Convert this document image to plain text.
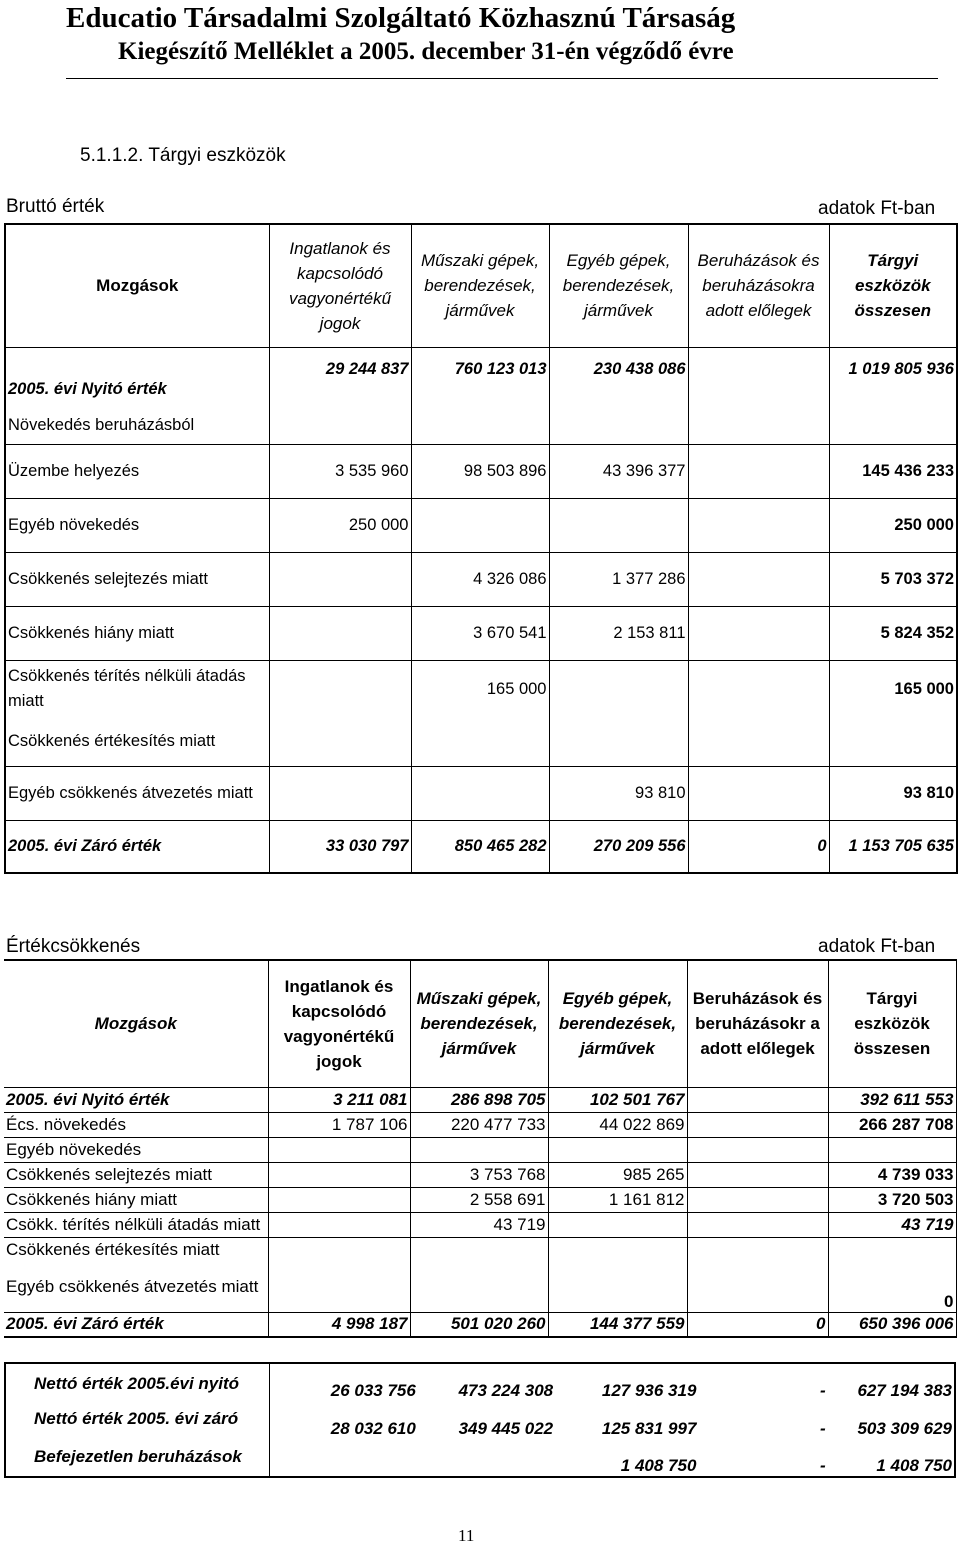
Educatio Társadalmi Szolgáltató Közhasznú Társaság
Kiegészítő Melléklet a 2005. december 31-én végződő évre
5.1.1.2. Tárgyi eszközök
Bruttó érték	adatok Ft-ban
Mozgások	Ingatlanok és kapcsolódó vagyonértékű jogok	Műszaki gépek, berendezések, járművek	Egyéb gépek, berendezések, járművek	Beruházások és beruházásokra adott előlegek	Tárgyi eszközök összesen
2005. évi Nyitó érték	29 244 837	760 123 013	230 438 086		1 019 805 936
Növekedés beruházásból					
Üzembe helyezés	3 535 960	98 503 896	43 396 377		145 436 233
Egyéb növekedés	250 000				250 000
Csökkenés selejtezés miatt		4 326 086	1 377 286		5 703 372
Csökkenés hiány miatt		3 670 541	2 153 811		5 824 352
Csökkenés térítés nélküli átadás miatt		165 000			165 000
Csökkenés értékesítés miatt					
Egyéb csökkenés átvezetés miatt			93 810		93 810
2005. évi Záró érték	33 030 797	850 465 282	270 209 556	0	1 153 705 635
Értékcsökkenés	adatok Ft-ban
Mozgások	Ingatlanok és kapcsolódó vagyonértékű jogok	Műszaki gépek, berendezések, járművek	Egyéb gépek, berendezések, járművek	Beruházások és beruházásokr a adott előlegek	Tárgyi eszközök összesen
2005. évi Nyitó érték	3 211 081	286 898 705	102 501 767		392 611 553
Écs. növekedés	1 787 106	220 477 733	44 022 869		266 287 708
Egyéb növekedés					
Csökkenés selejtezés miatt		3 753 768	985 265		4 739 033
Csökkenés hiány miatt		2 558 691	1 161 812		3 720 503
Csökk. térítés nélküli átadás miatt		43 719			43 719
Csökkenés értékesítés miatt					
Egyéb csökkenés átvezetés miatt					0
2005. évi Záró érték	4 998 187	501 020 260	144 377 559	0	650 396 006
Nettó érték 2005.évi nyitó	26 033 756	473 224 308	127 936 319	-	627 194 383
Nettó érték 2005. évi záró	28 032 610	349 445 022	125 831 997	-	503 309 629
Befejezetlen beruházások			1 408 750	-	1 408 750
11
